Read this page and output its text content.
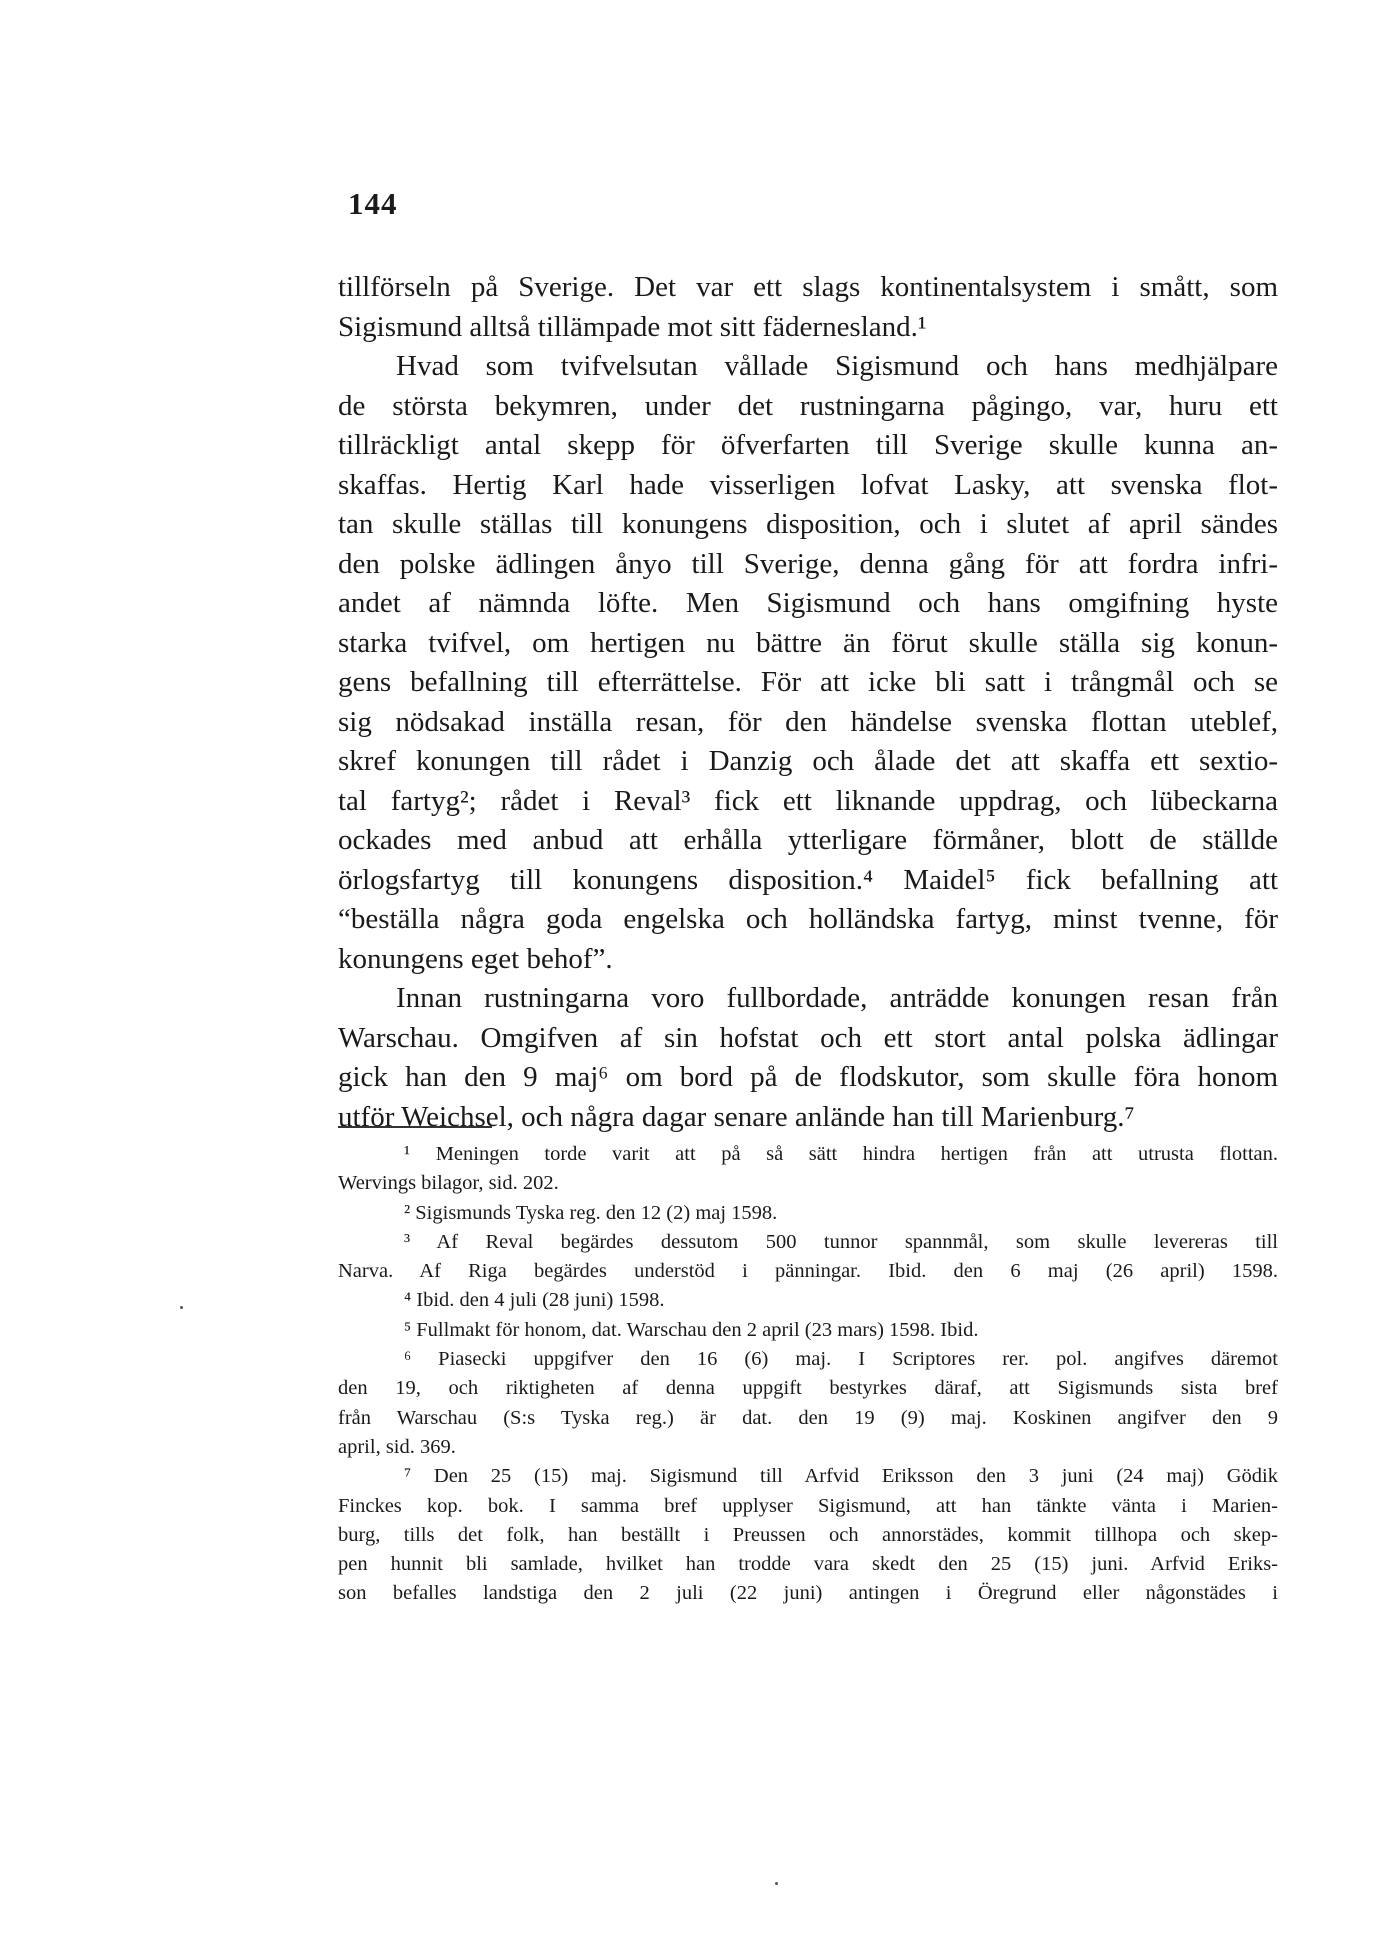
144
tillförseln på Sverige. Det var ett slags kontinentalsystem i smått, som
Sigismund alltså tillämpade mot sitt fädernesland.¹
Hvad som tvifvelsutan vållade Sigismund och hans medhjälpare
de största bekymren, under det rustningarna pågingo, var, huru ett
tillräckligt antal skepp för öfverfarten till Sverige skulle kunna an-
skaffas. Hertig Karl hade visserligen lofvat Lasky, att svenska flot-
tan skulle ställas till konungens disposition, och i slutet af april sändes
den polske ädlingen ånyo till Sverige, denna gång för att fordra infri-
andet af nämnda löfte. Men Sigismund och hans omgifning hyste
starka tvifvel, om hertigen nu bättre än förut skulle ställa sig konun-
gens befallning till efterrättelse. För att icke bli satt i trångmål och se
sig nödsakad inställa resan, för den händelse svenska flottan uteblef,
skref konungen till rådet i Danzig och ålade det att skaffa ett sextio-
tal fartyg²; rådet i Reval³ fick ett liknande uppdrag, och lübeckarna
ockades med anbud att erhålla ytterligare förmåner, blott de ställde
örlogsfartyg till konungens disposition.⁴ Maidel⁵ fick befallning att
“beställa några goda engelska och holländska fartyg, minst tvenne, för
konungens eget behof”.
Innan rustningarna voro fullbordade, anträdde konungen resan från
Warschau. Omgifven af sin hofstat och ett stort antal polska ädlingar
gick han den 9 maj⁶ om bord på de flodskutor, som skulle föra honom
utför Weichsel, och några dagar senare anlände han till Marienburg.⁷
¹ Meningen torde varit att på så sätt hindra hertigen från att utrusta flottan.
Wervings bilagor, sid. 202.
² Sigismunds Tyska reg. den 12 (2) maj 1598.
³ Af Reval begärdes dessutom 500 tunnor spannmål, som skulle levereras till
Narva. Af Riga begärdes understöd i pänningar. Ibid. den 6 maj (26 april) 1598.
⁴ Ibid. den 4 juli (28 juni) 1598.
⁵ Fullmakt för honom, dat. Warschau den 2 april (23 mars) 1598. Ibid.
⁶ Piasecki uppgifver den 16 (6) maj. I Scriptores rer. pol. angifves däremot
den 19, och riktigheten af denna uppgift bestyrkes däraf, att Sigismunds sista bref
från Warschau (S:s Tyska reg.) är dat. den 19 (9) maj. Koskinen angifver den 9
april, sid. 369.
⁷ Den 25 (15) maj. Sigismund till Arfvid Eriksson den 3 juni (24 maj) Gödik
Finckes kop. bok. I samma bref upplyser Sigismund, att han tänkte vänta i Marien-
burg, tills det folk, han beställt i Preussen och annorstädes, kommit tillhopa och skep-
pen hunnit bli samlade, hvilket han trodde vara skedt den 25 (15) juni. Arfvid Eriks-
son befalles landstiga den 2 juli (22 juni) antingen i Öregrund eller någonstädes i
